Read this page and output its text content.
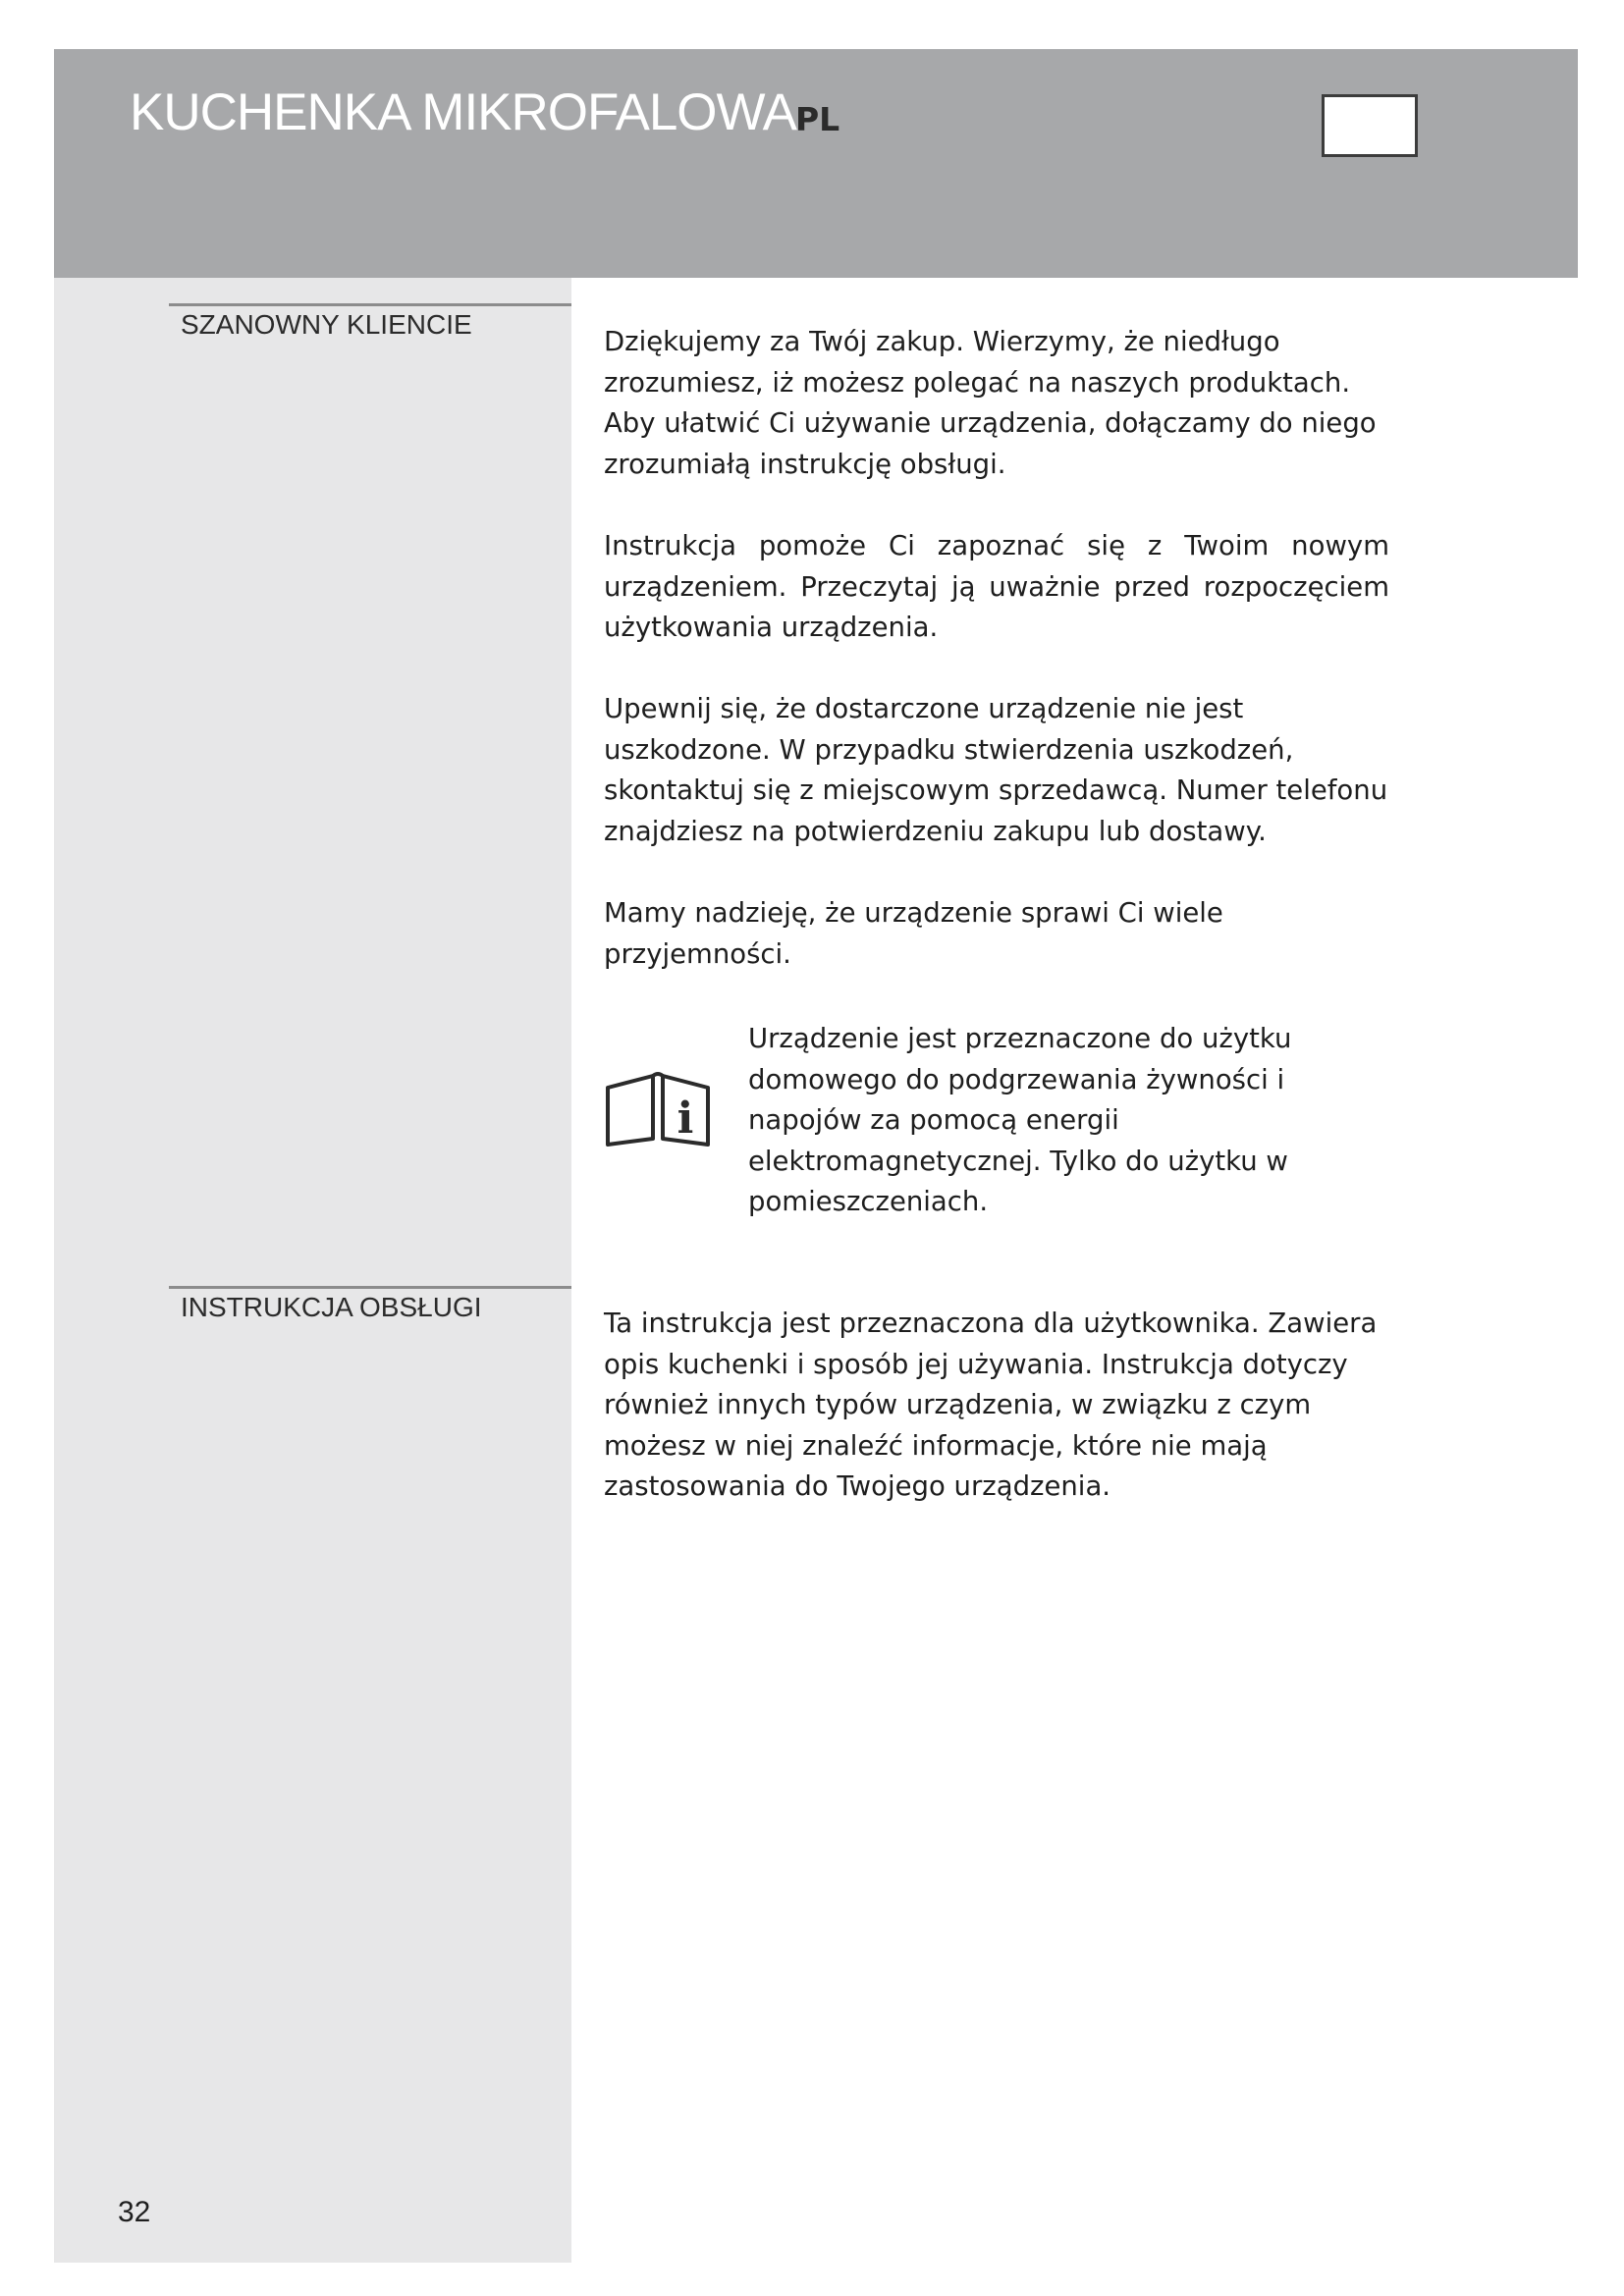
KUCHENKA MIKROFALOWA PL
SZANOWNY KLIENCIE
Dziękujemy za Twój zakup. Wierzymy, że niedługo zrozumiesz, iż możesz polegać na naszych produktach. Aby ułatwić Ci używanie urządzenia, dołączamy do niego zrozumiałą instrukcję obsługi.
Instrukcja pomoże Ci zapoznać się z Twoim nowym urządzeniem. Przeczytaj ją uważnie przed rozpoczęciem użytkowania urządzenia.
Upewnij się, że dostarczone urządzenie nie jest uszkodzone. W przypadku stwierdzenia uszkodzeń, skontaktuj się z miejscowym sprzedawcą. Numer telefonu znajdziesz na potwierdzeniu zakupu lub dostawy.
Mamy nadzieję, że urządzenie sprawi Ci wiele przyjemności.
i
Urządzenie jest przeznaczone do użytku domowego do podgrzewania żywności i napojów za pomocą energii elektromagnetycznej. Tylko do użytku w pomieszczeniach.
INSTRUKCJA OBSŁUGI
Ta instrukcja jest przeznaczona dla użytkownika. Zawiera opis kuchenki i sposób jej używania. Instrukcja dotyczy również innych typów urządzenia, w związku z czym możesz w niej znaleźć informacje, które nie mają zastosowania do Twojego urządzenia.
32
